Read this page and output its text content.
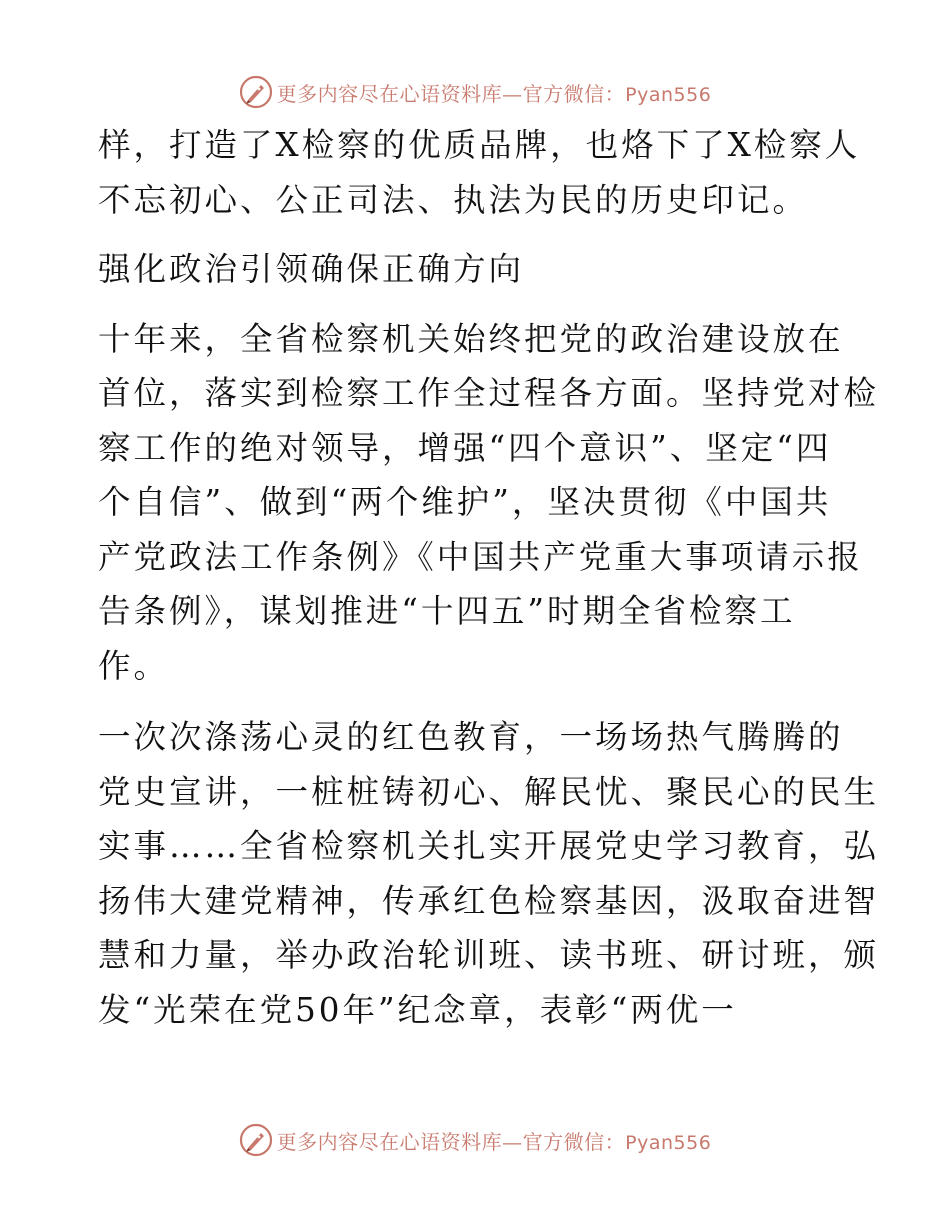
更多内容尽在心语资料库—官方微信：Pyan556

样，打造了X检察的优质品牌，也烙下了X检察人
不忘初心、公正司法、执法为民的历史印记。

强化政治引领确保正确方向

十年来，全省检察机关始终把党的政治建设放在
首位，落实到检察工作全过程各方面。坚持党对检
察工作的绝对领导，增强“四个意识”、坚定“四
个自信”、做到“两个维护”，坚决贯彻《中国共
产党政法工作条例》《中国共产党重大事项请示报
告条例》，谋划推进“十四五”时期全省检察工
作。

一次次涤荡心灵的红色教育，一场场热气腾腾的
党史宣讲，一桩桩铸初心、解民忧、聚民心的民生
实事……全省检察机关扎实开展党史学习教育，弘
扬伟大建党精神，传承红色检察基因，汲取奋进智
慧和力量，举办政治轮训班、读书班、研讨班，颁
发“光荣在党50年”纪念章，表彰“两优一

更多内容尽在心语资料库—官方微信：Pyan556
